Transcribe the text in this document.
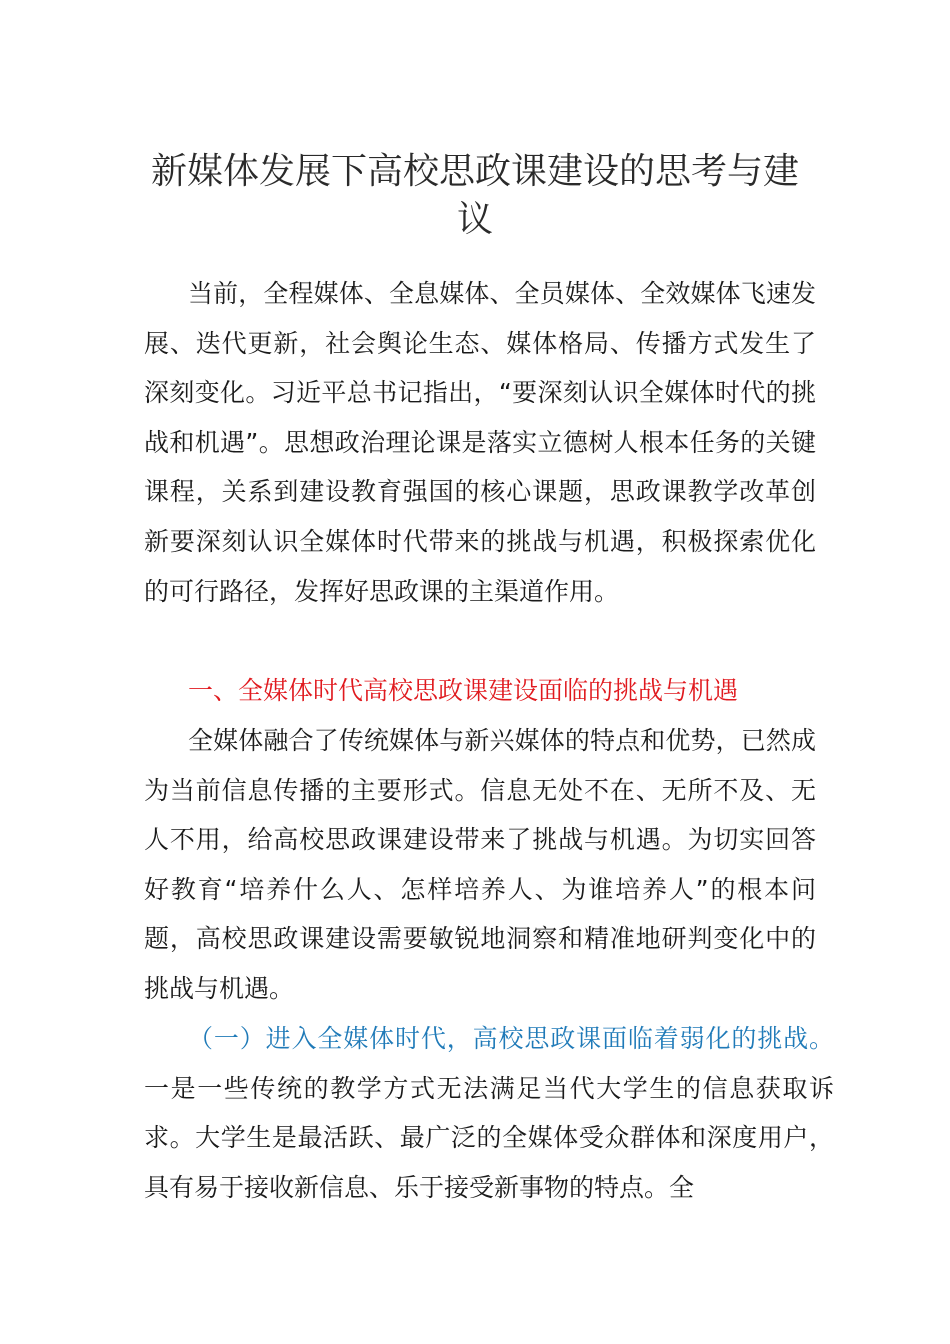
新媒体发展下高校思政课建设的思考与建议

当前，全程媒体、全息媒体、全员媒体、全效媒体飞速发展、迭代更新，社会舆论生态、媒体格局、传播方式发生了深刻变化。习近平总书记指出，“要深刻认识全媒体时代的挑战和机遇”。思想政治理论课是落实立德树人根本任务的关键课程，关系到建设教育强国的核心课题，思政课教学改革创新要深刻认识全媒体时代带来的挑战与机遇，积极探索优化的可行路径，发挥好思政课的主渠道作用。

一、全媒体时代高校思政课建设面临的挑战与机遇

全媒体融合了传统媒体与新兴媒体的特点和优势，已然成为当前信息传播的主要形式。信息无处不在、无所不及、无人不用，给高校思政课建设带来了挑战与机遇。为切实回答好教育“培养什么人、怎样培养人、为谁培养人”的根本问题，高校思政课建设需要敏锐地洞察和精准地研判变化中的挑战与机遇。

（一）进入全媒体时代，高校思政课面临着弱化的挑战。一是一些传统的教学方式无法满足当代大学生的信息获取诉求。大学生是最活跃、最广泛的全媒体受众群体和深度用户，具有易于接收新信息、乐于接受新事物的特点。全
